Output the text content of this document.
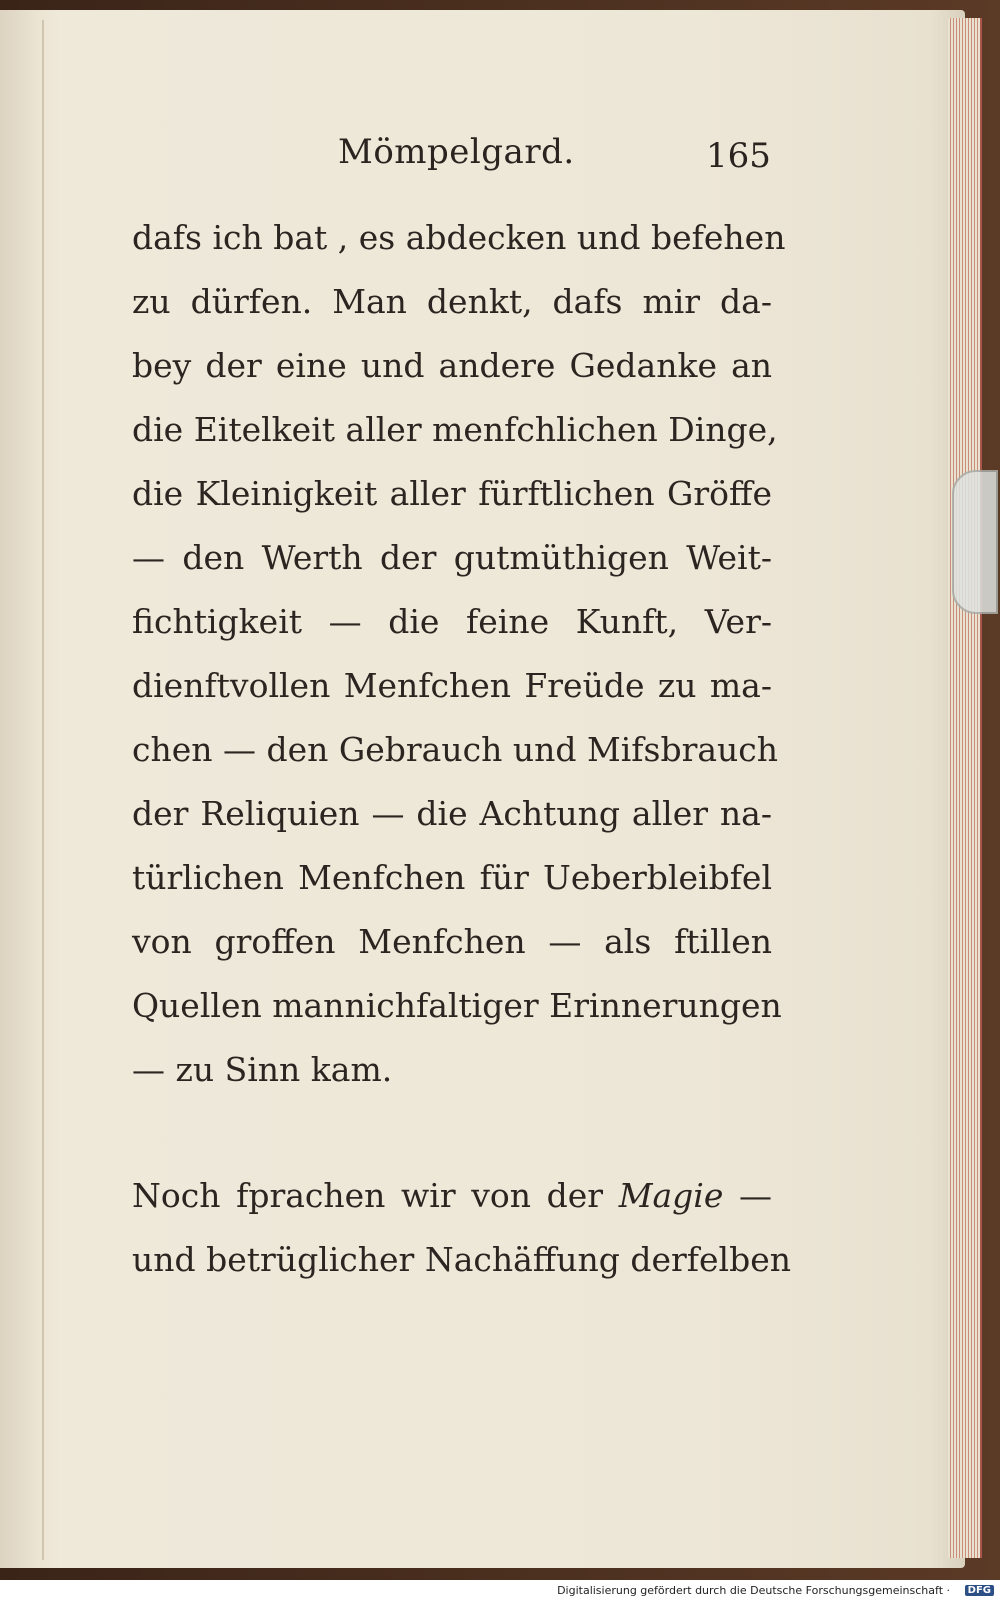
Mömpelgard.	165
dafs ich bat , es abdecken und befehen
zu dürfen. Man denkt, dafs mir da-
bey der eine und andere Gedanke an
die Eitelkeit aller menfchlichen Dinge,
die Kleinigkeit aller fürftlichen Gröffe
— den Werth der gutmüthigen Weit-
fichtigkeit — die feine Kunft, Ver-
dienftvollen Menfchen Freüde zu ma-
chen — den Gebrauch und Mifsbrauch
der Reliquien — die Achtung aller na-
türlichen Menfchen für Ueberbleibfel
von groffen Menfchen — als ftillen
Quellen mannichfaltiger Erinnerungen
— zu Sinn kam.
Noch fprachen wir von der Magie —
und betrüglicher Nachäffung derfelben
Digitalisierung gefördert durch die Deutsche Forschungsgemeinschaft ·	DFG
